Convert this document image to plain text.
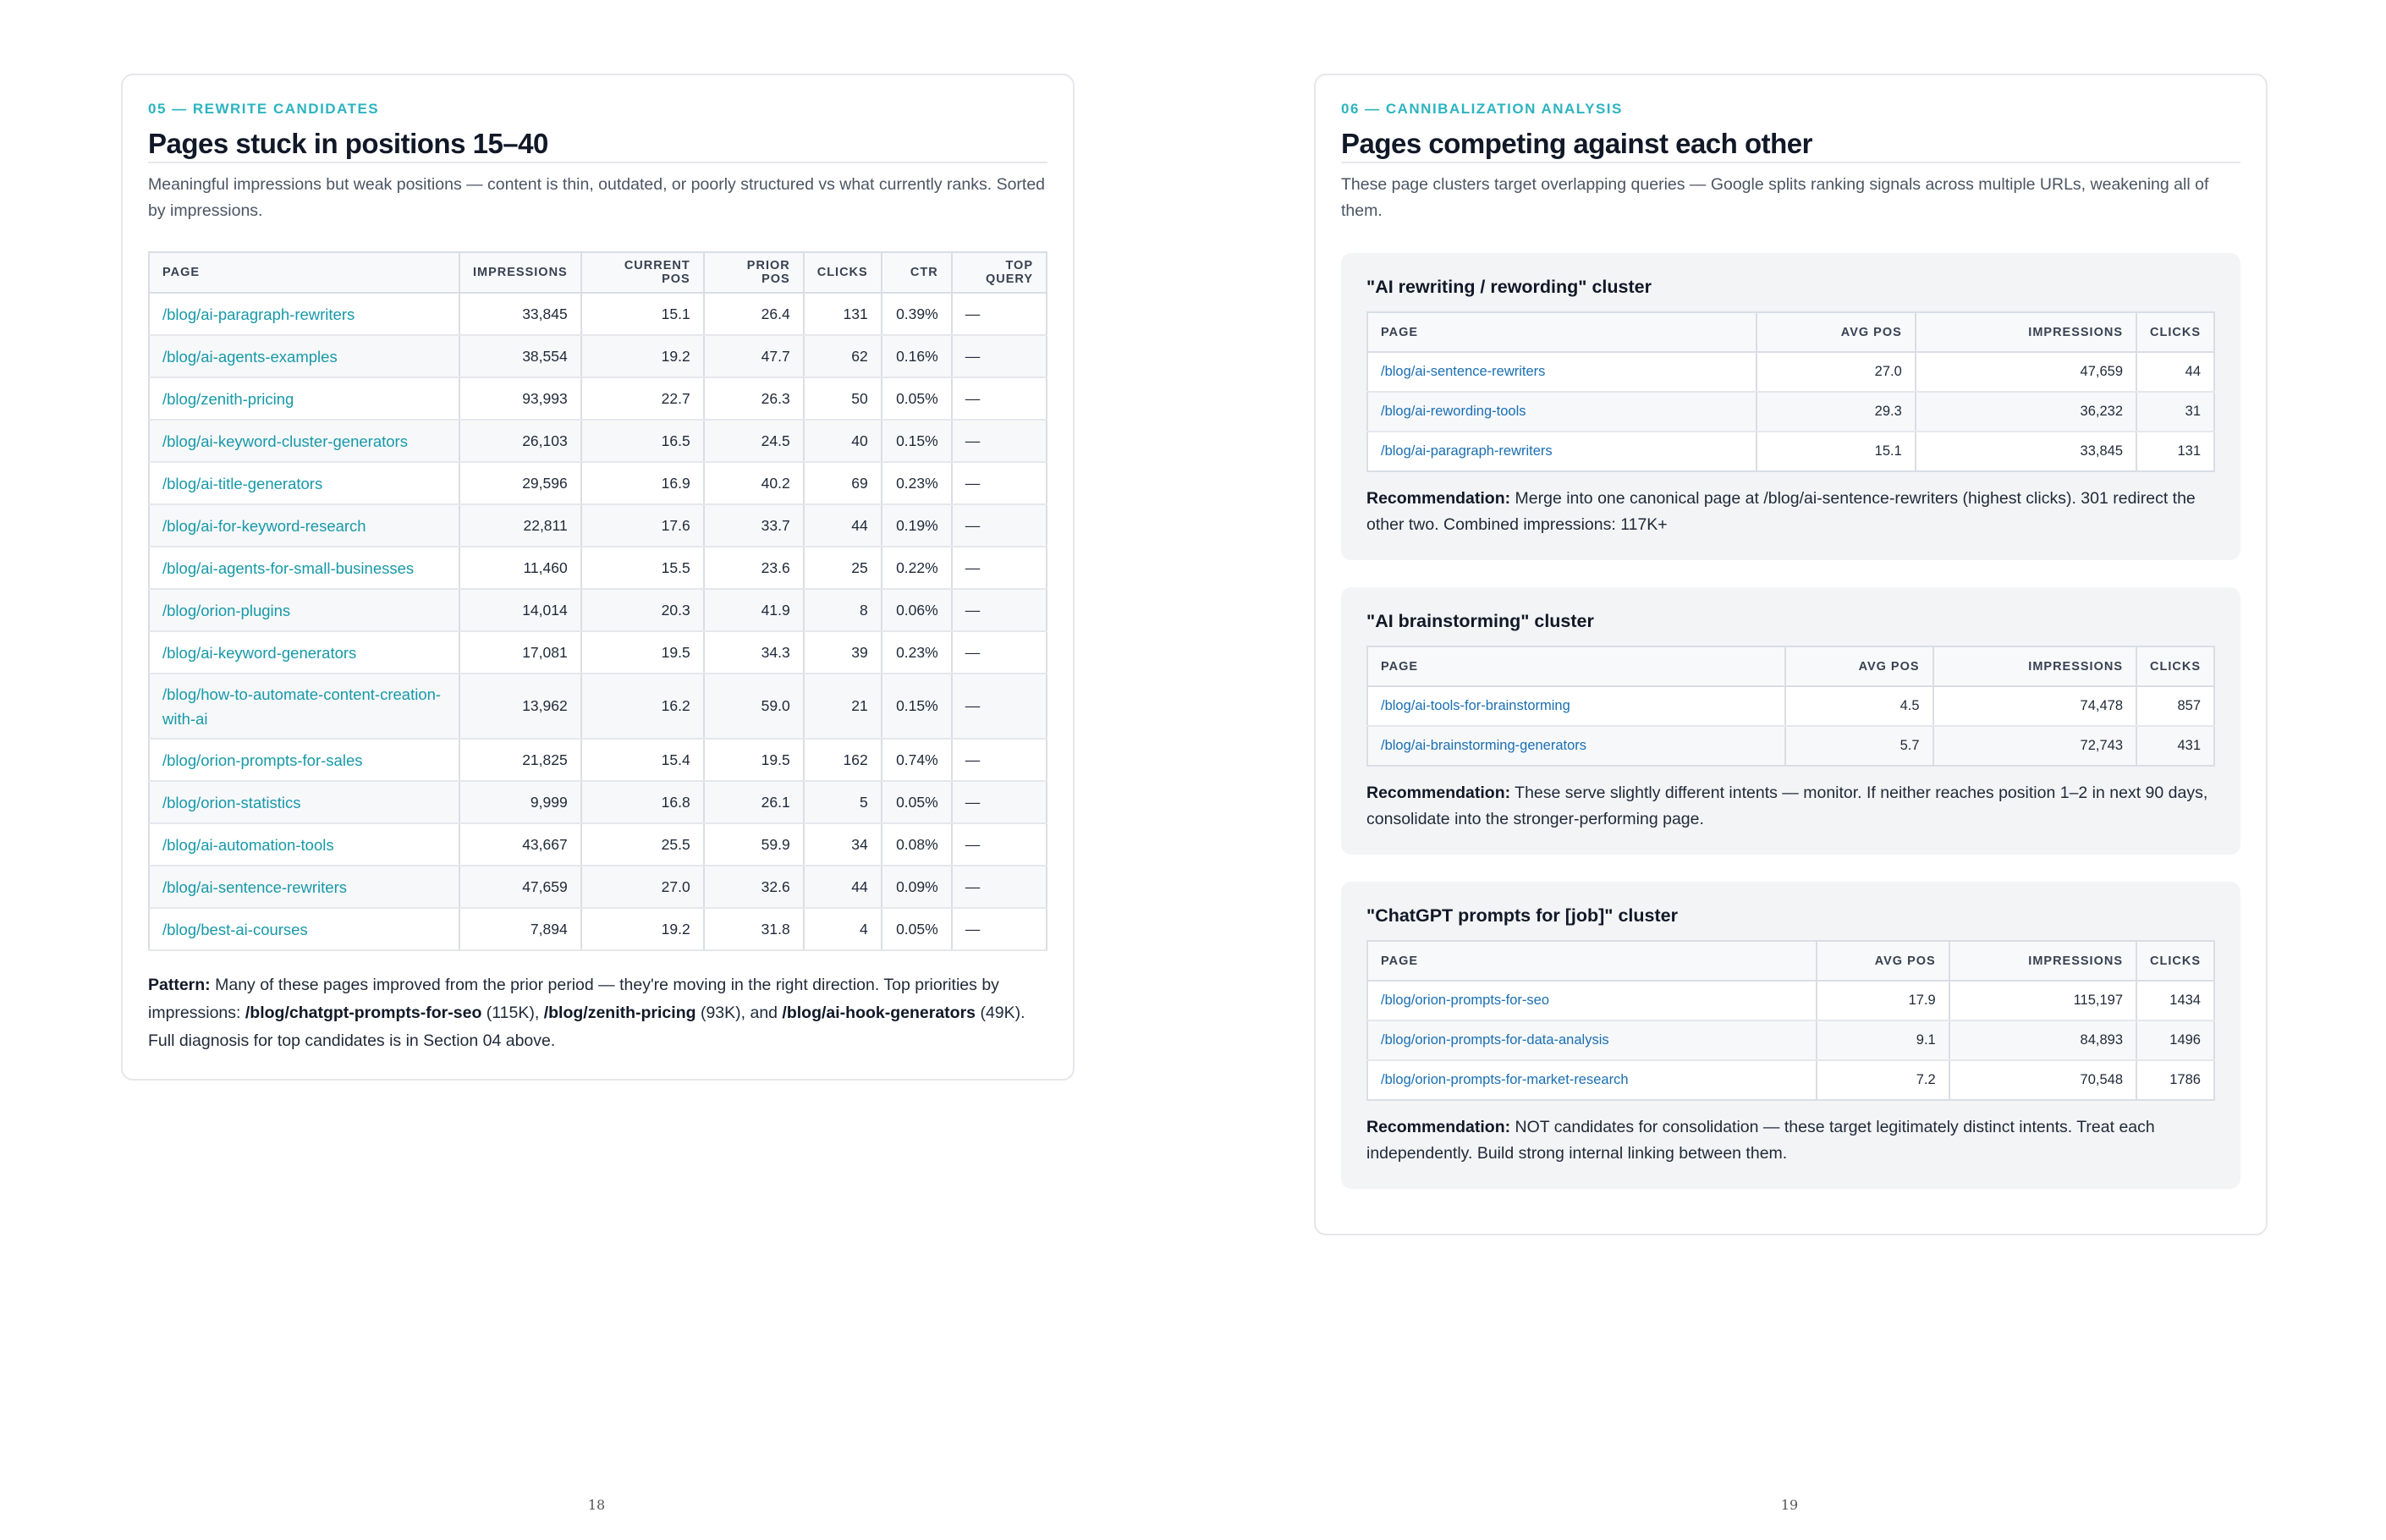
05 — REWRITE CANDIDATES
Pages stuck in positions 15–40

Meaningful impressions but weak positions — content is thin, outdated, or poorly structured vs what currently ranks. Sorted by impressions.

PAGE	IMPRESSIONS	CURRENT POS	PRIOR POS	CLICKS	CTR	TOP QUERY
/blog/ai-paragraph-rewriters	33,845	15.1	26.4	131	0.39%	—
/blog/ai-agents-examples	38,554	19.2	47.7	62	0.16%	—
/blog/zenith-pricing	93,993	22.7	26.3	50	0.05%	—
/blog/ai-keyword-cluster-generators	26,103	16.5	24.5	40	0.15%	—
/blog/ai-title-generators	29,596	16.9	40.2	69	0.23%	—
/blog/ai-for-keyword-research	22,811	17.6	33.7	44	0.19%	—
/blog/ai-agents-for-small-businesses	11,460	15.5	23.6	25	0.22%	—
/blog/orion-plugins	14,014	20.3	41.9	8	0.06%	—
/blog/ai-keyword-generators	17,081	19.5	34.3	39	0.23%	—
/blog/how-to-automate-content-creation-with-ai	13,962	16.2	59.0	21	0.15%	—
/blog/orion-prompts-for-sales	21,825	15.4	19.5	162	0.74%	—
/blog/orion-statistics	9,999	16.8	26.1	5	0.05%	—
/blog/ai-automation-tools	43,667	25.5	59.9	34	0.08%	—
/blog/ai-sentence-rewriters	47,659	27.0	32.6	44	0.09%	—
/blog/best-ai-courses	7,894	19.2	31.8	4	0.05%	—
Pattern: Many of these pages improved from the prior period — they're moving in the right direction. Top priorities by impressions: /blog/chatgpt-prompts-for-seo (115K), /blog/zenith-pricing (93K), and /blog/ai-hook-generators (49K). Full diagnosis for top candidates is in Section 04 above.
18
06 — CANNIBALIZATION ANALYSIS
Pages competing against each other

These page clusters target overlapping queries — Google splits ranking signals across multiple URLs, weakening all of them.

"AI rewriting / rewording" cluster
PAGE	AVG POS	IMPRESSIONS	CLICKS
/blog/ai-sentence-rewriters	27.0	47,659	44
/blog/ai-rewording-tools	29.3	36,232	31
/blog/ai-paragraph-rewriters	15.1	33,845	131
Recommendation: Merge into one canonical page at /blog/ai-sentence-rewriters (highest clicks). 301 redirect the other two. Combined impressions: 117K+
"AI brainstorming" cluster
PAGE	AVG POS	IMPRESSIONS	CLICKS
/blog/ai-tools-for-brainstorming	4.5	74,478	857
/blog/ai-brainstorming-generators	5.7	72,743	431
Recommendation: These serve slightly different intents — monitor. If neither reaches position 1–2 in next 90 days, consolidate into the stronger-performing page.
"ChatGPT prompts for [job]" cluster
PAGE	AVG POS	IMPRESSIONS	CLICKS
/blog/orion-prompts-for-seo	17.9	115,197	1434
/blog/orion-prompts-for-data-analysis	9.1	84,893	1496
/blog/orion-prompts-for-market-research	7.2	70,548	1786
Recommendation: NOT candidates for consolidation — these target legitimately distinct intents. Treat each independently. Build strong internal linking between them.
19
